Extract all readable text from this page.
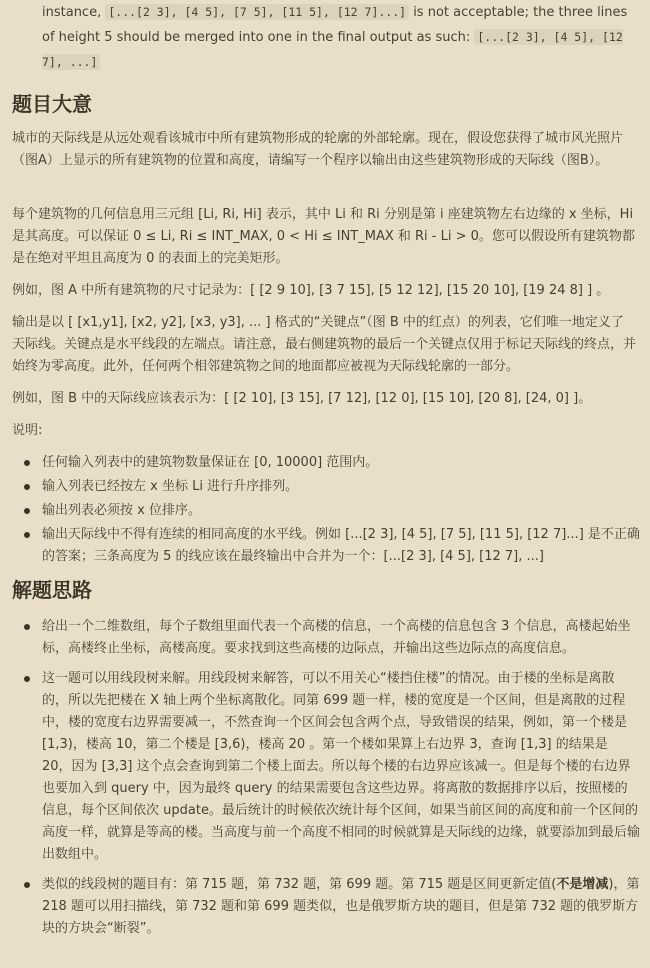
instance, [...[2 3], [4 5], [7 5], [11 5], [12 7]...] is not acceptable; the three lines of height 5 should be merged into one in the final output as such: [...[2 3], [4 5], [12 7], ...]
题目大意

城市的天际线是从远处观看该城市中所有建筑物形成的轮廓的外部轮廓。现在，假设您获得了城市风光照片（图A）上显示的所有建筑物的位置和高度，请编写一个程序以输出由这些建筑物形成的天际线（图B）。

每个建筑物的几何信息用三元组 [Li, Ri, Hi] 表示，其中 Li 和 Ri 分别是第 i 座建筑物左右边缘的 x 坐标，Hi 是其高度。可以保证 0 ≤ Li, Ri ≤ INT_MAX, 0 < Hi ≤ INT_MAX 和 Ri - Li > 0。您可以假设所有建筑物都是在绝对平坦且高度为 0 的表面上的完美矩形。

例如，图 A 中所有建筑物的尺寸记录为：[ [2 9 10], [3 7 15], [5 12 12], [15 20 10], [19 24 8] ] 。

输出是以 [ [x1,y1], [x2, y2], [x3, y3], ... ] 格式的“关键点”（图 B 中的红点）的列表，它们唯一地定义了天际线。关键点是水平线段的左端点。请注意，最右侧建筑物的最后一个关键点仅用于标记天际线的终点，并始终为零高度。此外，任何两个相邻建筑物之间的地面都应被视为天际线轮廓的一部分。

例如，图 B 中的天际线应该表示为：[ [2 10], [3 15], [7 12], [12 0], [15 10], [20 8], [24, 0] ]。

说明:

任何输入列表中的建筑物数量保证在 [0, 10000] 范围内。
输入列表已经按左 x 坐标 Li 进行升序排列。
输出列表必须按 x 位排序。
输出天际线中不得有连续的相同高度的水平线。例如 [...[2 3], [4 5], [7 5], [11 5], [12 7]...] 是不正确的答案；三条高度为 5 的线应该在最终输出中合并为一个：[...[2 3], [4 5], [12 7], ...]
解题思路
给出一个二维数组，每个子数组里面代表一个高楼的信息，一个高楼的信息包含 3 个信息，高楼起始坐标，高楼终止坐标，高楼高度。要求找到这些高楼的边际点，并输出这些边际点的高度信息。
这一题可以用线段树来解。用线段树来解答，可以不用关心“楼挡住楼”的情况。由于楼的坐标是离散的，所以先把楼在 X 轴上两个坐标离散化。同第 699 题一样，楼的宽度是一个区间，但是离散的过程中，楼的宽度右边界需要减一，不然查询一个区间会包含两个点，导致错误的结果，例如，第一个楼是 [1,3)，楼高 10，第二个楼是 [3,6)，楼高 20 。第一个楼如果算上右边界 3，查询 [1,3] 的结果是 20，因为 [3,3] 这个点会查询到第二个楼上面去。所以每个楼的右边界应该减一。但是每个楼的右边界也要加入到 query 中，因为最终 query 的结果需要包含这些边界。将离散的数据排序以后，按照楼的信息，每个区间依次 update。最后统计的时候依次统计每个区间，如果当前区间的高度和前一个区间的高度一样，就算是等高的楼。当高度与前一个高度不相同的时候就算是天际线的边缘，就要添加到最后输出数组中。
类似的线段树的题目有：第 715 题，第 732 题，第 699 题。第 715 题是区间更新定值(不是增减)，第 218 题可以用扫描线，第 732 题和第 699 题类似，也是俄罗斯方块的题目，但是第 732 题的俄罗斯方块的方块会“断裂”。
